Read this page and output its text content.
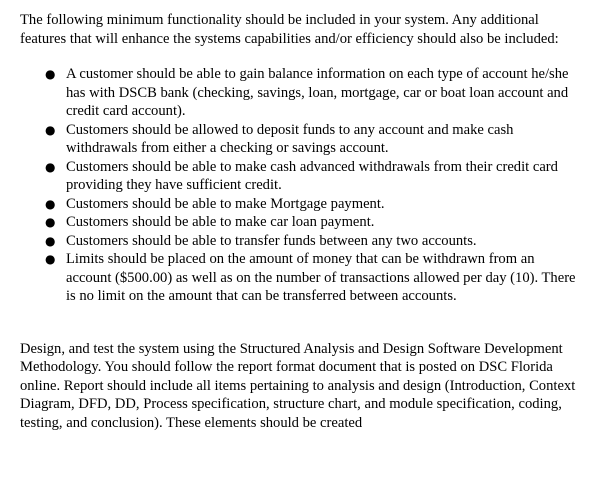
The following minimum functionality should be included in your system. Any additional features that will enhance the systems capabilities and/or efficiency should also be included:

● A customer should be able to gain balance information on each type of account he/she has with DSCB bank (checking, savings, loan, mortgage, car or boat loan account and credit card account).
● Customers should be allowed to deposit funds to any account and make cash withdrawals from either a checking or savings account.
● Customers should be able to make cash advanced withdrawals from their credit card providing they have sufficient credit.
● Customers should be able to make Mortgage payment.
● Customers should be able to make car loan payment.
● Customers should be able to transfer funds between any two accounts.
● Limits should be placed on the amount of money that can be withdrawn from an account ($500.00) as well as on the number of transactions allowed per day (10). There is no limit on the amount that can be transferred between accounts.

Design, and test the system using the Structured Analysis and Design Software Development Methodology. You should follow the report format document that is posted on DSC Florida online. Report should include all items pertaining to analysis and design (Introduction, Context Diagram, DFD, DD, Process specification, structure chart, and module specification, coding, testing, and conclusion). These elements should be created
